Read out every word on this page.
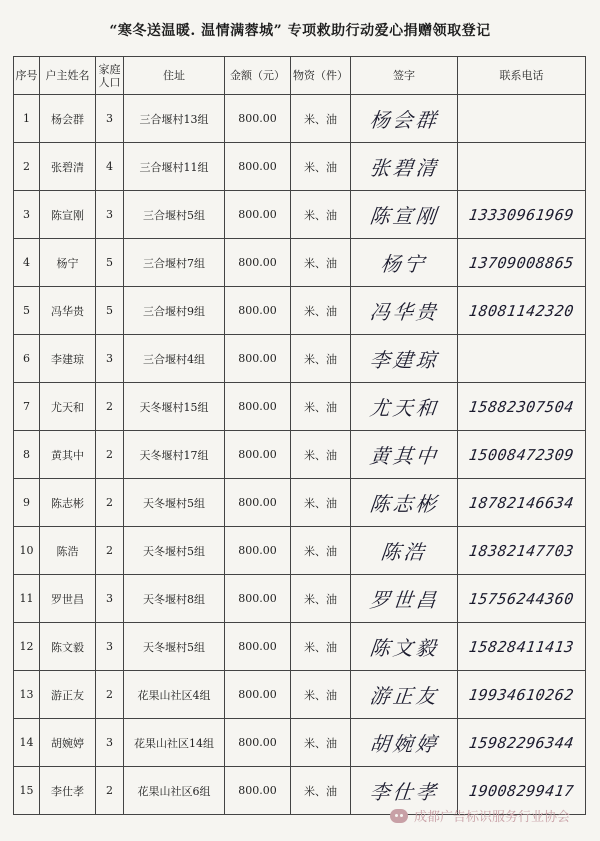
“寒冬送温暖. 温情满蓉城” 专项救助行动爱心捐赠领取登记
序号	户主姓名	家庭人口	住址	金额（元）	物资（件）	签字	联系电话
1	杨会群	3	三合堰村13组	800.00	米、油	杨会群	
2	张碧清	4	三合堰村11组	800.00	米、油	张碧清	
3	陈宣刚	3	三合堰村5组	800.00	米、油	陈宣刚	13330961969
4	杨宁	5	三合堰村7组	800.00	米、油	杨宁	13709008865
5	冯华贵	5	三合堰村9组	800.00	米、油	冯华贵	18081142320
6	李建琼	3	三合堰村4组	800.00	米、油	李建琼	
7	尤天和	2	天冬堰村15组	800.00	米、油	尤天和	15882307504
8	黄其中	2	天冬堰村17组	800.00	米、油	黄其中	15008472309
9	陈志彬	2	天冬堰村5组	800.00	米、油	陈志彬	18782146634
10	陈浩	2	天冬堰村5组	800.00	米、油	陈浩	18382147703
11	罗世昌	3	天冬堰村8组	800.00	米、油	罗世昌	15756244360
12	陈文毅	3	天冬堰村5组	800.00	米、油	陈文毅	15828411413
13	游正友	2	花果山社区4组	800.00	米、油	游正友	19934610262
14	胡婉婷	3	花果山社区14组	800.00	米、油	胡婉婷	15982296344
15	李仕孝	2	花果山社区6组	800.00	米、油	李仕孝	19008299417
成都广告标识服务行业协会
